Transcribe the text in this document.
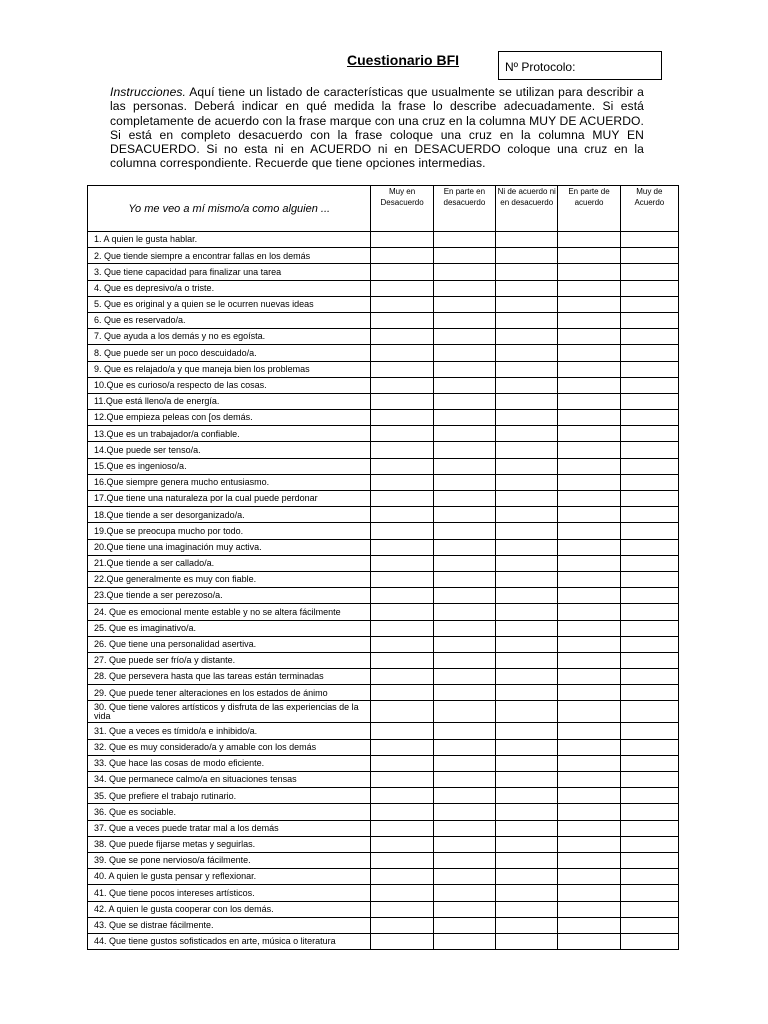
Cuestionario BFI	Nº Protocolo:
Instrucciones. Aquí tiene un listado de características que usualmente se utilizan para describir a las personas. Deberá indicar en qué medida la frase lo describe adecuadamente. Si está completamente de acuerdo con la frase marque con una cruz en la columna MUY DE ACUERDO. Si está en completo desacuerdo con la frase coloque una cruz en la columna MUY EN DESACUERDO. Si no esta ni en ACUERDO ni en DESACUERDO coloque una cruz en la columna correspondiente. Recuerde que tiene opciones intermedias.
Yo me veo a mí mismo/a como alguien ...	Muy en Desacuerdo	En parte en desacuerdo	Ni de acuerdo ni en desacuerdo	En parte de acuerdo	Muy de Acuerdo
1. A quien le gusta hablar.					
2. Que tiende siempre a encontrar fallas en los demás					
3. Que tiene capacidad para finalizar una tarea					
4. Que es depresivo/a o triste.					
5. Que es original y a quien se le ocurren nuevas ideas					
6. Que es reservado/a.					
7. Que ayuda a los demás y no es egoísta.					
8. Que puede ser un poco descuidado/a.					
9. Que es relajado/a y que maneja bien los problemas					
10.Que es curioso/a respecto de las cosas.					
11.Que está lleno/a de energía.					
12.Que empieza peleas con [os demás.					
13.Que es un trabajador/a confiable.					
14.Que puede ser tenso/a.					
15.Que es ingenioso/a.					
16.Que siempre genera mucho entusiasmo.					
17.Que tiene una naturaleza por la cual puede perdonar					
18.Que tiende a ser desorganizado/a.					
19.Que se preocupa mucho por todo.					
20.Que tiene una imaginación muy activa.					
21.Que tiende a ser callado/a.					
22.Que generalmente es muy con fiable.					
23.Que tiende a ser perezoso/a.					
24. Que es emocional mente estable y no se altera fácilmente					
25. Que es imaginativo/a.					
26. Que tiene una personalidad asertiva.					
27. Que puede ser frío/a y distante.					
28. Que persevera hasta que las tareas están terminadas					
29. Que puede tener alteraciones en los estados de ánimo					
30. Que tiene valores artísticos y disfruta de las experiencias de la vida					
31. Que a veces es tímido/a e inhibido/a.					
32. Que es muy considerado/a y amable con los demás					
33. Que hace las cosas de modo eficiente.					
34. Que permanece calmo/a en situaciones tensas					
35. Que prefiere el trabajo rutinario.					
36. Que es sociable.					
37. Que a veces puede tratar mal a los demás					
38. Que puede fijarse metas y seguirlas.					
39. Que se pone nervioso/a fácilmente.					
40. A quien le gusta pensar y reflexionar.					
41. Que tiene pocos intereses artísticos.					
42. A quien le gusta cooperar con los demás.					
43. Que se distrae fácilmente.					
44. Que tiene gustos sofisticados en arte, música o literatura					
